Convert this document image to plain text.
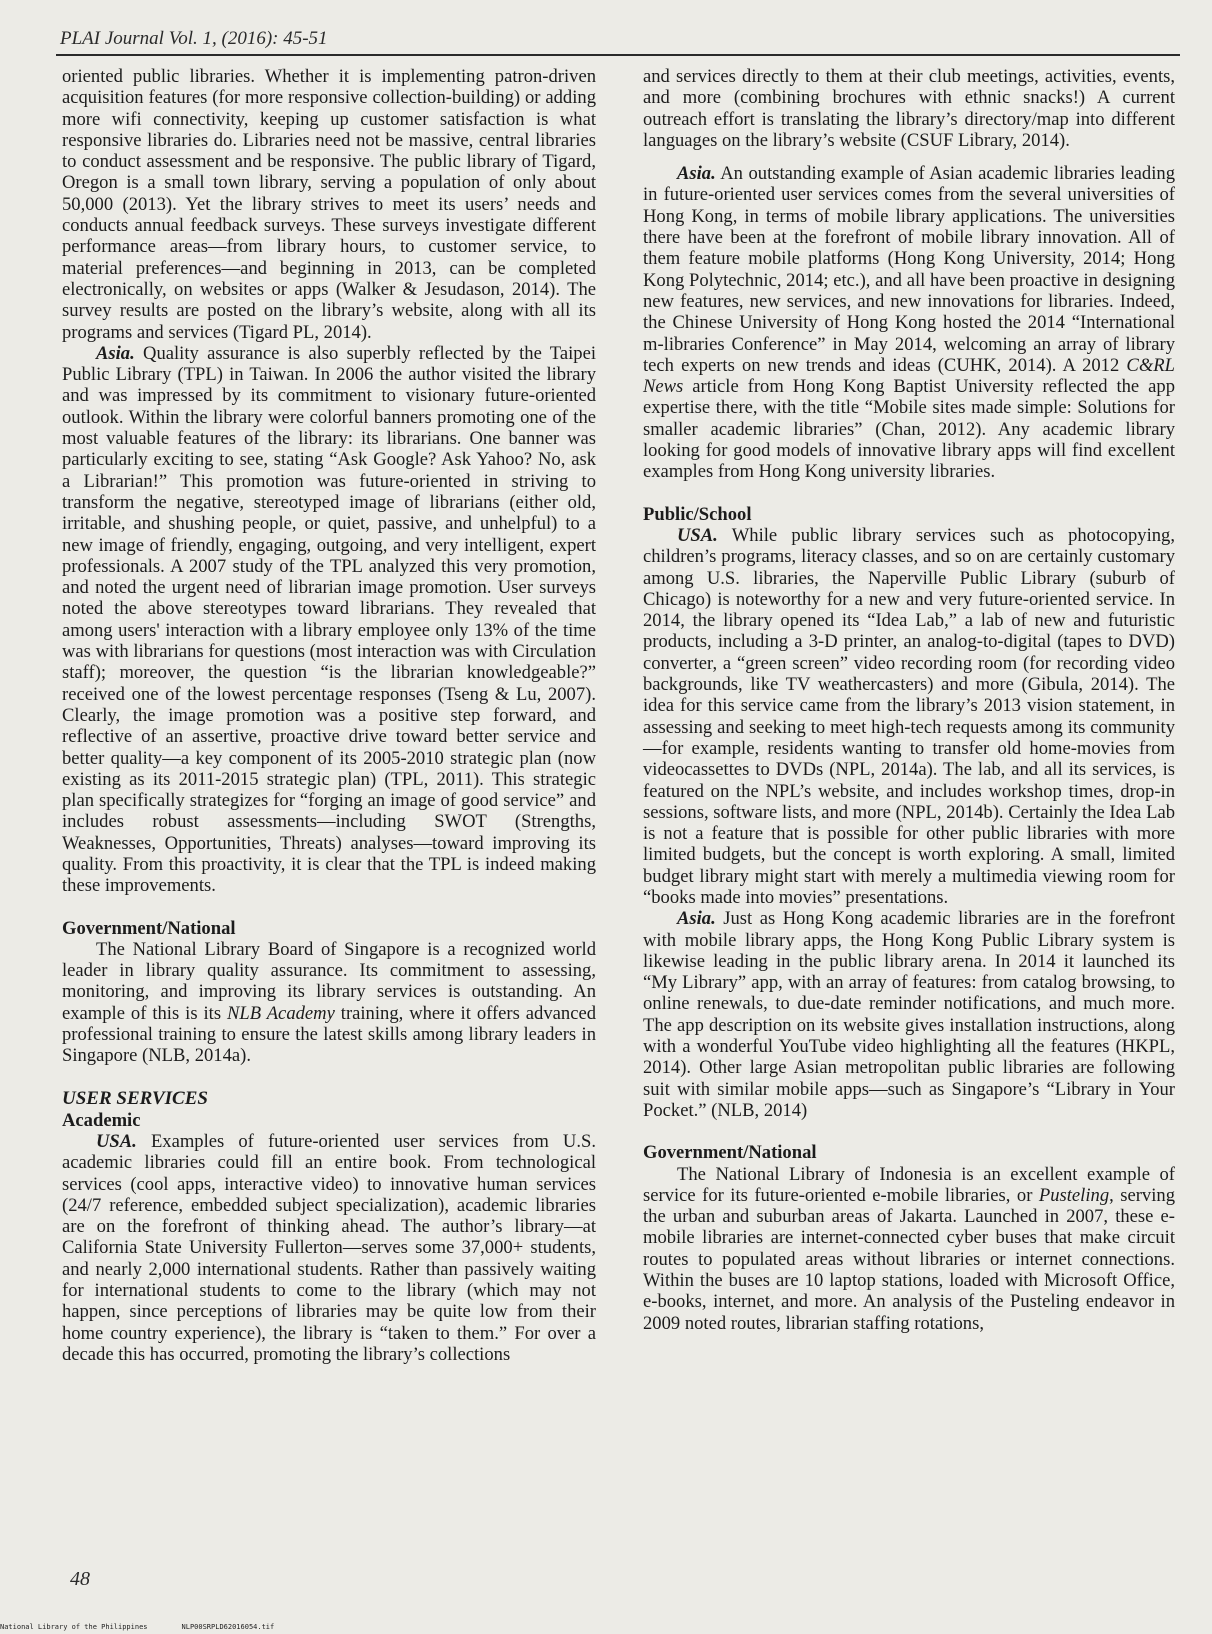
PLAI Journal Vol. 1, (2016): 45-51

oriented public libraries. Whether it is implementing patron-driven acquisition features (for more responsive collection-building) or adding more wifi connectivity, keeping up customer satisfaction is what responsive libraries do. Libraries need not be massive, central libraries to conduct assessment and be responsive. The public library of Tigard, Oregon is a small town library, serving a population of only about 50,000 (2013). Yet the library strives to meet its users’ needs and conducts annual feedback surveys. These surveys investigate different performance areas—from library hours, to customer service, to material preferences—and beginning in 2013, can be completed electronically, on websites or apps (Walker & Jesudason, 2014). The survey results are posted on the library’s website, along with all its programs and services (Tigard PL, 2014).

Asia. Quality assurance is also superbly reflected by the Taipei Public Library (TPL) in Taiwan. In 2006 the author visited the library and was impressed by its commitment to visionary future-oriented outlook. Within the library were colorful banners promoting one of the most valuable features of the library: its librarians. One banner was particularly exciting to see, stating “Ask Google? Ask Yahoo? No, ask a Librarian!” This promotion was future-oriented in striving to transform the negative, stereotyped image of librarians (either old, irritable, and shushing people, or quiet, passive, and unhelpful) to a new image of friendly, engaging, outgoing, and very intelligent, expert professionals. A 2007 study of the TPL analyzed this very promotion, and noted the urgent need of librarian image promotion. User surveys noted the above stereotypes toward librarians. They revealed that among users' interaction with a library employee only 13% of the time was with librarians for questions (most interaction was with Circulation staff); moreover, the question “is the librarian knowledgeable?” received one of the lowest percentage responses (Tseng & Lu, 2007). Clearly, the image promotion was a positive step forward, and reflective of an assertive, proactive drive toward better service and better quality—a key component of its 2005-2010 strategic plan (now existing as its 2011-2015 strategic plan) (TPL, 2011). This strategic plan specifically strategizes for “forging an image of good service” and includes robust assessments—including SWOT (Strengths, Weaknesses, Opportunities, Threats) analyses—toward improving its quality. From this proactivity, it is clear that the TPL is indeed making these improvements.

Government/National

The National Library Board of Singapore is a recognized world leader in library quality assurance. Its commitment to assessing, monitoring, and improving its library services is outstanding. An example of this is its NLB Academy training, where it offers advanced professional training to ensure the latest skills among library leaders in Singapore (NLB, 2014a).

USER SERVICES
Academic

USA. Examples of future-oriented user services from U.S. academic libraries could fill an entire book. From technological services (cool apps, interactive video) to innovative human services (24/7 reference, embedded subject specialization), academic libraries are on the forefront of thinking ahead. The author’s library—at California State University Fullerton—serves some 37,000+ students, and nearly 2,000 international students. Rather than passively waiting for international students to come to the library (which may not happen, since perceptions of libraries may be quite low from their home country experience), the library is “taken to them.” For over a decade this has occurred, promoting the library’s collections

and services directly to them at their club meetings, activities, events, and more (combining brochures with ethnic snacks!) A current outreach effort is translating the library’s directory/map into different languages on the library’s website (CSUF Library, 2014).

Asia. An outstanding example of Asian academic libraries leading in future-oriented user services comes from the several universities of Hong Kong, in terms of mobile library applications. The universities there have been at the forefront of mobile library innovation. All of them feature mobile platforms (Hong Kong University, 2014; Hong Kong Polytechnic, 2014; etc.), and all have been proactive in designing new features, new services, and new innovations for libraries. Indeed, the Chinese University of Hong Kong hosted the 2014 “International m-libraries Conference” in May 2014, welcoming an array of library tech experts on new trends and ideas (CUHK, 2014). A 2012 C&RL News article from Hong Kong Baptist University reflected the app expertise there, with the title “Mobile sites made simple: Solutions for smaller academic libraries” (Chan, 2012). Any academic library looking for good models of innovative library apps will find excellent examples from Hong Kong university libraries.

Public/School

USA. While public library services such as photocopying, children’s programs, literacy classes, and so on are certainly customary among U.S. libraries, the Naperville Public Library (suburb of Chicago) is noteworthy for a new and very future-oriented service. In 2014, the library opened its “Idea Lab,” a lab of new and futuristic products, including a 3-D printer, an analog-to-digital (tapes to DVD) converter, a “green screen” video recording room (for recording video backgrounds, like TV weathercasters) and more (Gibula, 2014). The idea for this service came from the library’s 2013 vision statement, in assessing and seeking to meet high-tech requests among its community—for example, residents wanting to transfer old home-movies from videocassettes to DVDs (NPL, 2014a). The lab, and all its services, is featured on the NPL’s website, and includes workshop times, drop-in sessions, software lists, and more (NPL, 2014b). Certainly the Idea Lab is not a feature that is possible for other public libraries with more limited budgets, but the concept is worth exploring. A small, limited budget library might start with merely a multimedia viewing room for “books made into movies” presentations.

Asia. Just as Hong Kong academic libraries are in the forefront with mobile library apps, the Hong Kong Public Library system is likewise leading in the public library arena. In 2014 it launched its “My Library” app, with an array of features: from catalog browsing, to online renewals, to due-date reminder notifications, and much more. The app description on its website gives installation instructions, along with a wonderful YouTube video highlighting all the features (HKPL, 2014). Other large Asian metropolitan public libraries are following suit with similar mobile apps—such as Singapore’s “Library in Your Pocket.” (NLB, 2014)

Government/National

The National Library of Indonesia is an excellent example of service for its future-oriented e-mobile libraries, or Pusteling, serving the urban and suburban areas of Jakarta. Launched in 2007, these e-mobile libraries are internet-connected cyber buses that make circuit routes to populated areas without libraries or internet connections. Within the buses are 10 laptop stations, loaded with Microsoft Office, e-books, internet, and more. An analysis of the Pusteling endeavor in 2009 noted routes, librarian staffing rotations,

48
National Library of the Philippines	NLP00SRPLD62016054.tif
